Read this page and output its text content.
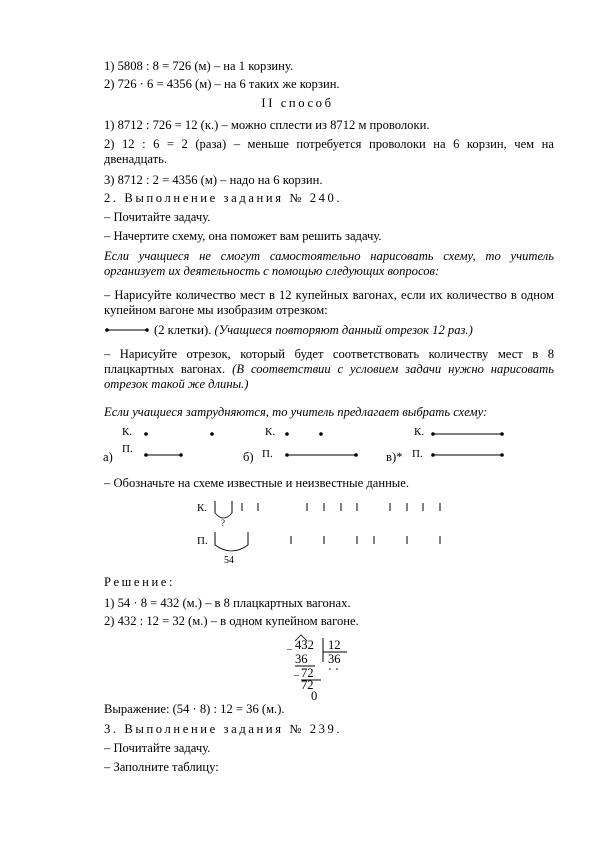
1) 5808 : 8 = 726 (м) – на 1 корзину.
2) 726 · 6 = 4356 (м) – на 6 таких же корзин.
II способ
1) 8712 : 726 = 12 (к.) – можно сплести из 8712 м проволоки.
2) 12 : 6 = 2 (раза) – меньше потребуется проволоки на 6 корзин, чем на двенадцать.
3) 8712 : 2 = 4356 (м) – надо на 6 корзин.
2. Выполнение задания № 240.
– Почитайте задачу.
– Начертите схему, она поможет вам решить задачу.
Если учащиеся не смогут самостоятельно нарисовать схему, то учитель организует их деятельность с помощью следующих вопросов:
– Нарисуйте количество мест в 12 купейных вагонах, если их количество в одном купейном вагоне мы изобразим отрезком:
(2 клетки). (Учащиеся повторяют данный отрезок 12 раз.)
– Нарисуйте отрезок, который будет соответствовать количеству мест в 8 плацкартных вагонах. (В соответствии с условием задачи нужно нарисовать отрезок такой же длины.)
Если учащиеся затрудняются, то учитель предлагает выбрать схему:
К.
а)
П.
К.
б) П.
К.
в)* П.
– Обозначьте на схеме известные и неизвестные данные.
К.
?
П.
54
Решение:
1) 54 · 8 = 432 (м.) – в 8 плацкартных вагонах.
2) 432 : 12 = 32 (м.) – в одном купейном вагоне.
– 432 12
36 36
– 72
72
0
Выражение: (54 · 8) : 12 = 36 (м.).
3. Выполнение задания № 239.
– Почитайте задачу.
– Заполните таблицу:
